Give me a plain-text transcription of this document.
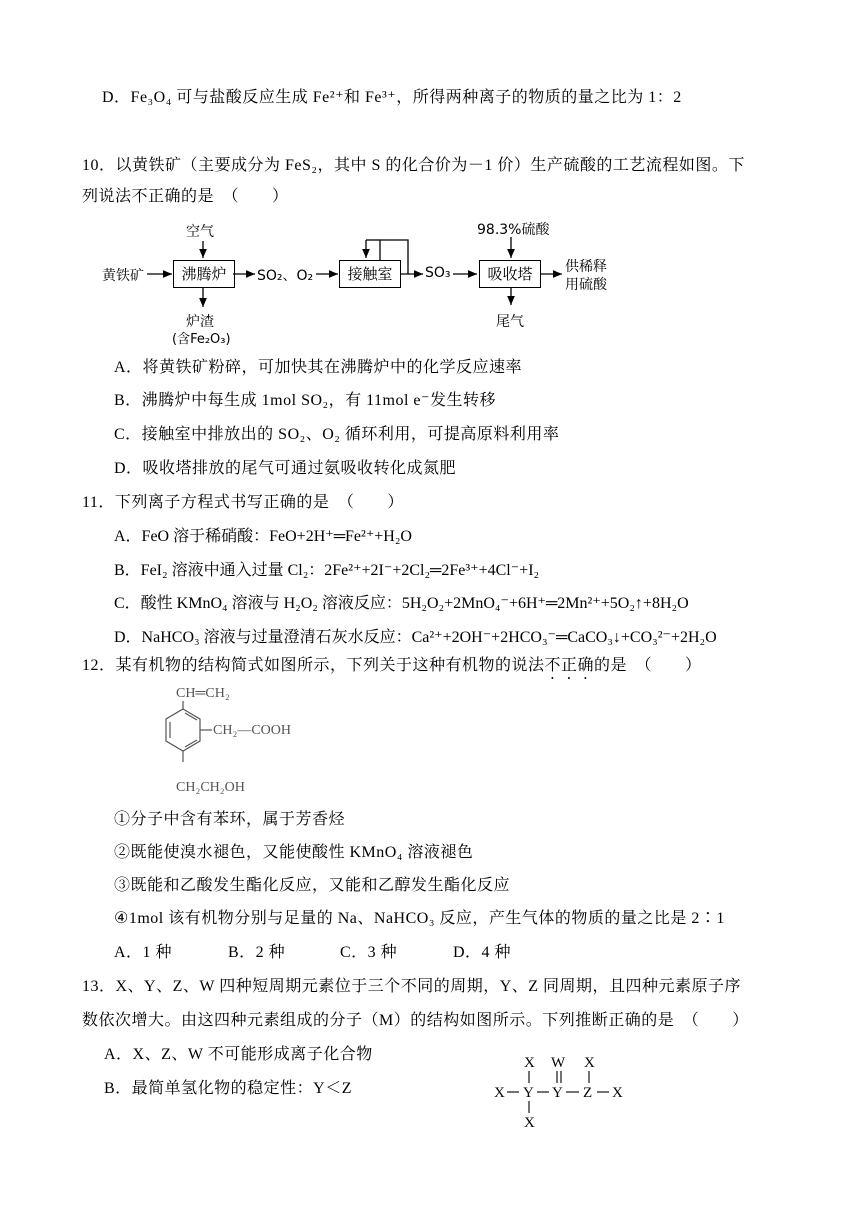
D．Fe₃O₄ 可与盐酸反应生成 Fe²⁺和 Fe³⁺，所得两种离子的物质的量之比为 1：2
10．以黄铁矿（主要成分为 FeS₂，其中 S 的化合价为－1 价）生产硫酸的工艺流程如图。下
列说法不正确的是　（　　）
黄铁矿
空气
沸腾炉	SO₂、O₂	接触室	SO₃
98.3%硫酸
吸收塔	供稀释
用硫酸
炉渣
(含Fe₂O₃)
尾气
A．将黄铁矿粉碎，可加快其在沸腾炉中的化学反应速率
B．沸腾炉中每生成 1mol SO₂，有 11mol e⁻发生转移
C．接触室中排放出的 SO₂、O₂ 循环利用，可提高原料利用率
D．吸收塔排放的尾气可通过氨吸收转化成氮肥
11．下列离子方程式书写正确的是　（　　）
A．FeO 溶于稀硝酸：FeO+2H⁺═Fe²⁺+H₂O
B．FeI₂ 溶液中通入过量 Cl₂：2Fe²⁺+2I⁻+2Cl₂═2Fe³⁺+4Cl⁻+I₂
C．酸性 KMnO₄ 溶液与 H₂O₂ 溶液反应：5H₂O₂+2MnO₄⁻+6H⁺═2Mn²⁺+5O₂↑+8H₂O
D．NaHCO₃ 溶液与过量澄清石灰水反应：Ca²⁺+2OH⁻+2HCO₃⁻═CaCO₃↓+CO₃²⁻+2H₂O
12．某有机物的结构简式如图所示，下列关于这种有机物的说法不正确的是　（　　）
CH═CH₂
CH₂—COOH
CH₂CH₂OH
①分子中含有苯环，属于芳香烃
②既能使溴水褪色，又能使酸性 KMnO₄ 溶液褪色
③既能和乙酸发生酯化反应，又能和乙醇发生酯化反应
④1mol 该有机物分别与足量的 Na、NaHCO₃ 反应，产生气体的物质的量之比是 2∶1
A．1 种	B．2 种	C．3 种	D．4 种
13．X、Y、Z、W 四种短周期元素位于三个不同的周期，Y、Z 同周期，且四种元素原子序
数依次增大。由这四种元素组成的分子（M）的结构如图所示。下列推断正确的是　（　　）
A．X、Z、W 不可能形成离子化合物
B．最简单氢化物的稳定性：Y＜Z
X W X
X Y Y Z X
X
